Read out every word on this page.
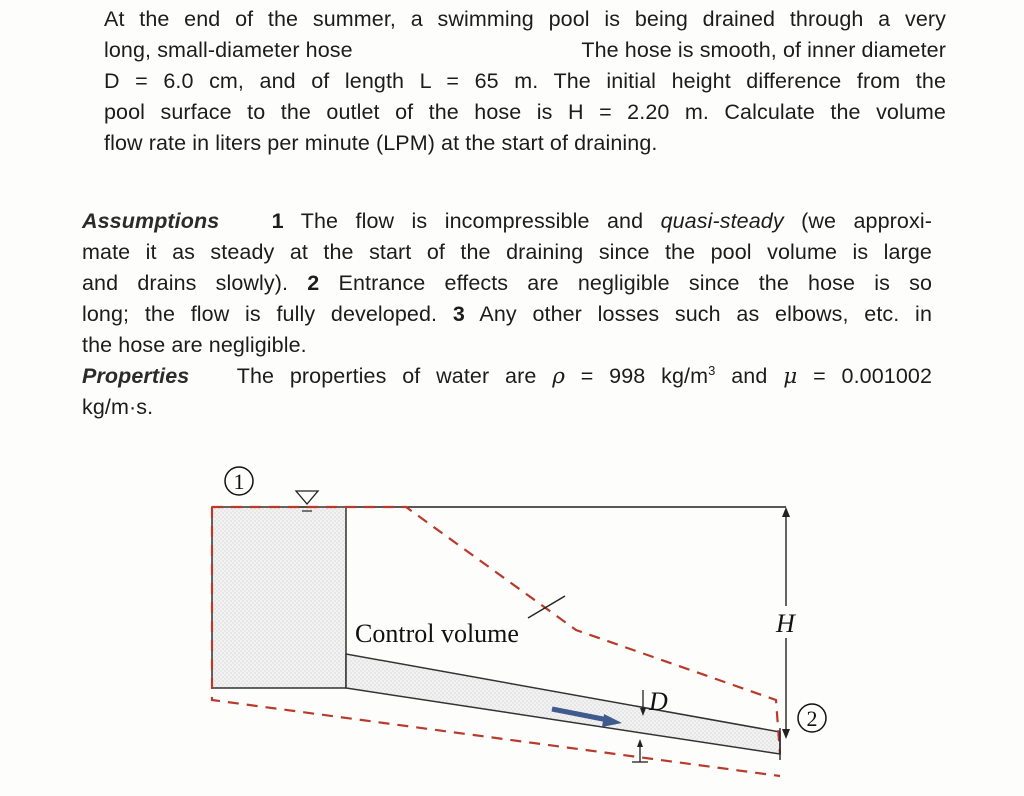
At the end of the summer, a swimming pool is being drained through a very
long, small-diameter hose	The hose is smooth, of inner diameter
D = 6.0 cm, and of length L = 65 m. The initial height difference from the
pool surface to the outlet of the hose is H = 2.20 m. Calculate the volume
flow rate in liters per minute (LPM) at the start of draining.
Assumptions 1 The flow is incompressible and quasi-steady (we approxi-
mate it as steady at the start of the draining since the pool volume is large
and drains slowly). 2 Entrance effects are negligible since the hose is so
long; the flow is fully developed. 3 Any other losses such as elbows, etc. in
the hose are negligible.
Properties The properties of water are ρ = 998 $kg/m^3$ and μ = 0.001002
kg/m·s.
Control volume	H
D
1
2
